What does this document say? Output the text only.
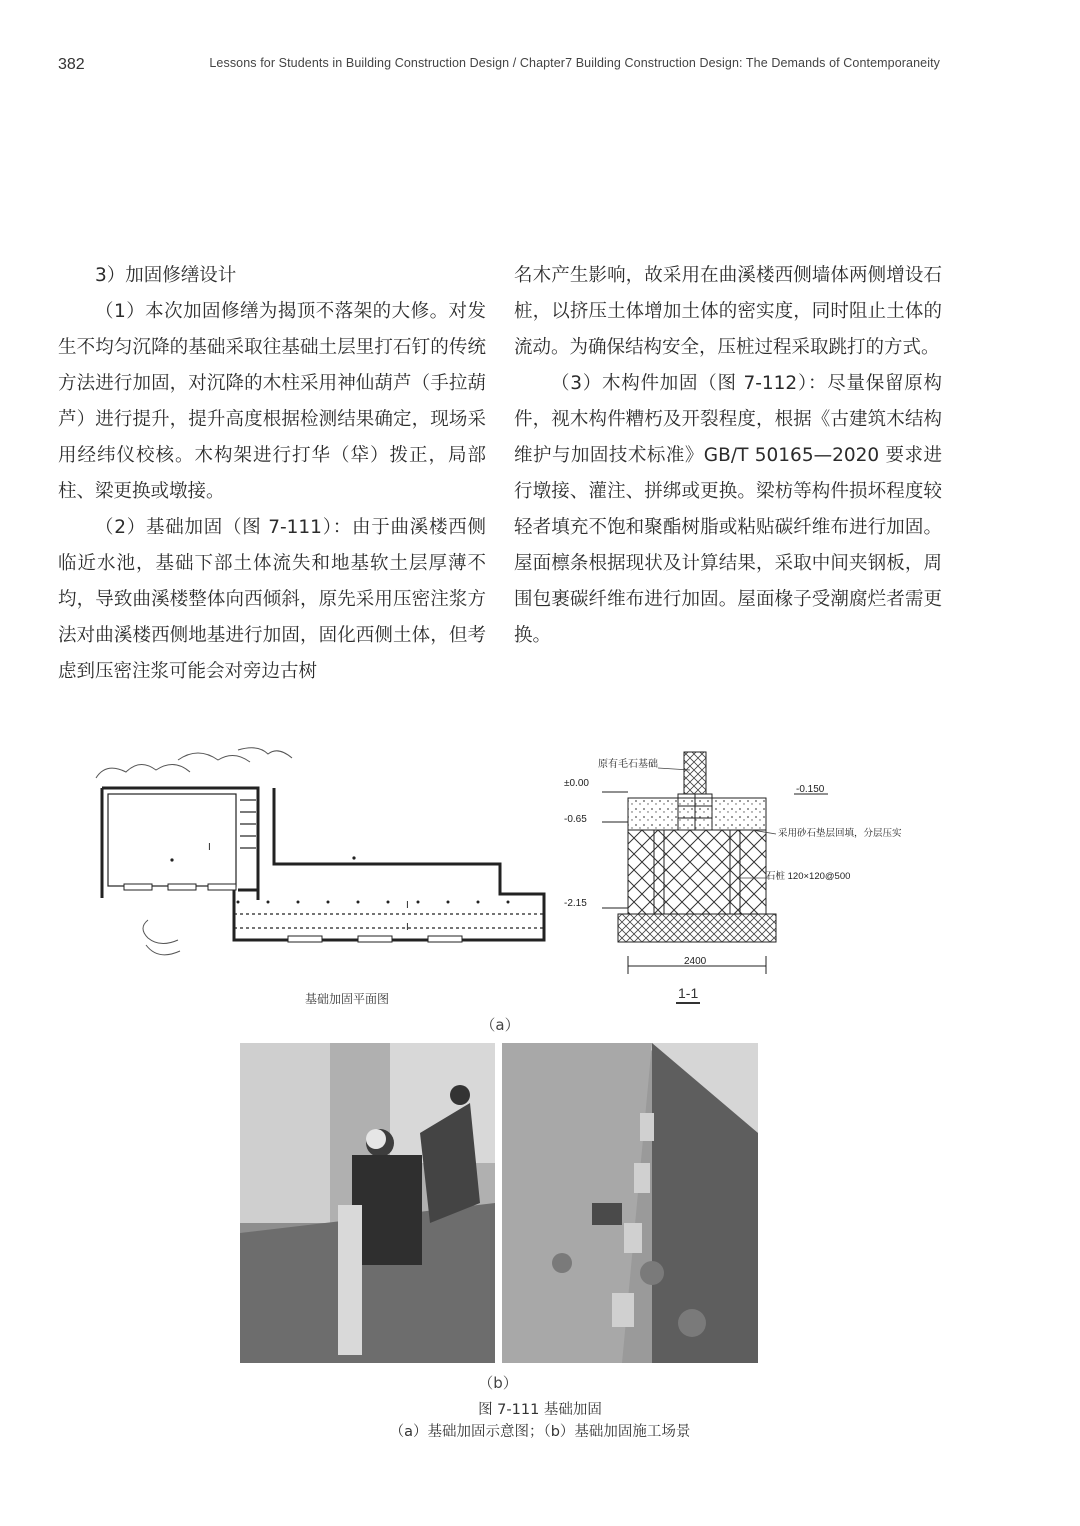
382	Lessons for Students in Building Construction Design / Chapter7 Building Construction Design: The Demands of Contemporaneity

3）加固修缮设计

（1）本次加固修缮为揭顶不落架的大修。对发生不均匀沉降的基础采取往基础土层里打石钉的传统方法进行加固，对沉降的木柱采用神仙葫芦（手拉葫芦）进行提升，提升高度根据检测结果确定，现场采用经纬仪校核。木构架进行打华（牮）拨正，局部柱、梁更换或墩接。

（2）基础加固（图 7-111）：由于曲溪楼西侧临近水池，基础下部土体流失和地基软土层厚薄不均，导致曲溪楼整体向西倾斜，原先采用压密注浆方法对曲溪楼西侧地基进行加固，固化西侧土体，但考虑到压密注浆可能会对旁边古树

名木产生影响，故采用在曲溪楼西侧墙体两侧增设石桩，以挤压土体增加土体的密实度，同时阻止土体的流动。为确保结构安全，压桩过程采取跳打的方式。

（3）木构件加固（图 7-112）：尽量保留原构件，视木构件糟朽及开裂程度，根据《古建筑木结构维护与加固技术标准》GB/T 50165—2020 要求进行墩接、灌注、拼绑或更换。梁枋等构件损坏程度较轻者填充不饱和聚酯树脂或粘贴碳纤维布进行加固。屋面檩条根据现状及计算结果，采取中间夹钢板，周围包裹碳纤维布进行加固。屋面椽子受潮腐烂者需更换。

I
I
I
基础加固平面图
原有毛石基础
±0.00
-0.150
-0.65
采用砂石垫层回填，分层压实
石桩 120×120@500
-2.15
2400
1-1
（a）
（b）
图 7-111 基础加固
（a）基础加固示意图；（b）基础加固施工场景
